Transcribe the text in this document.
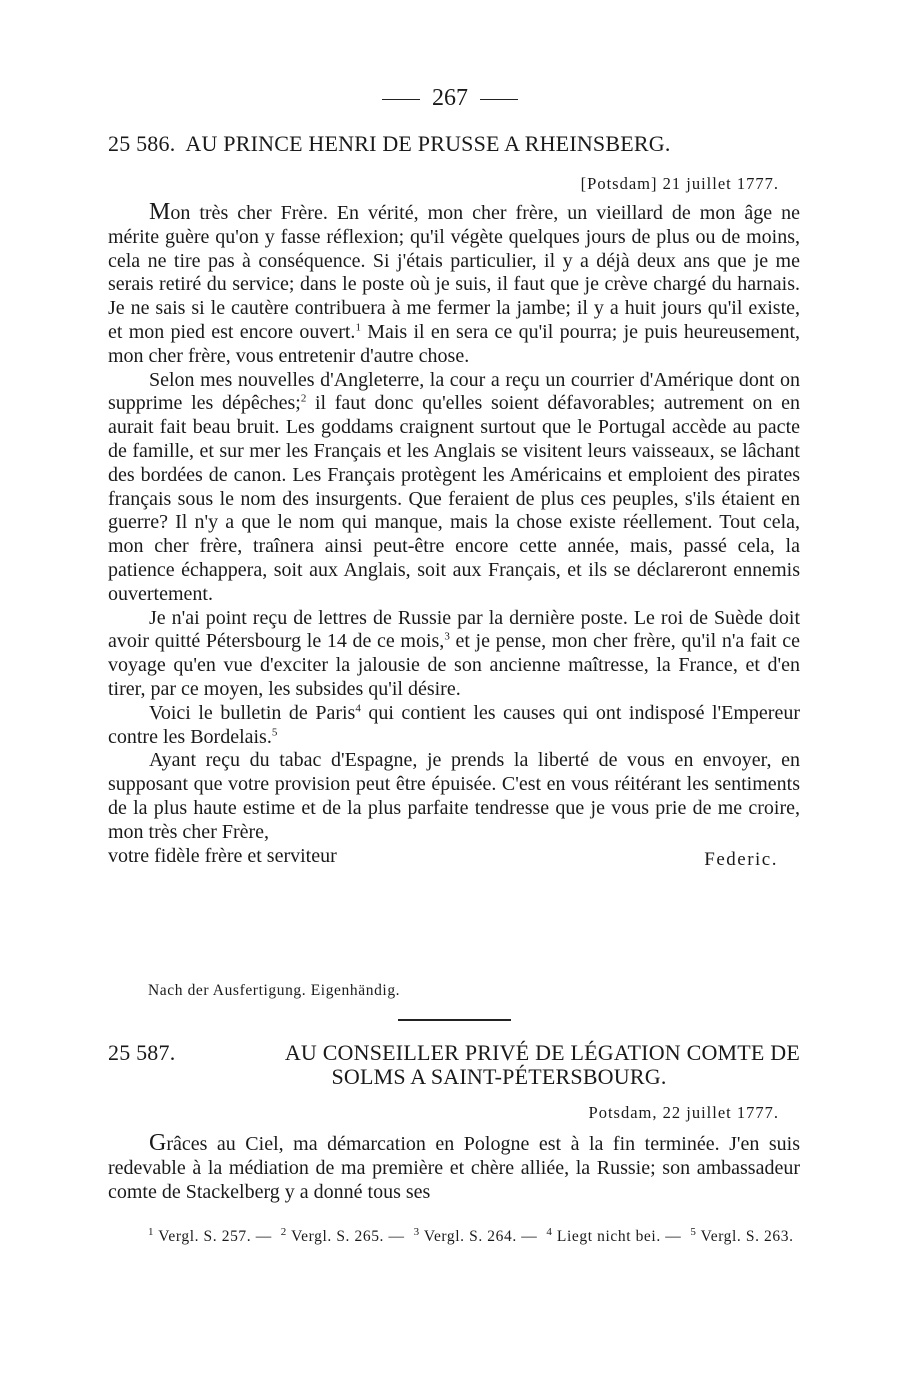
267
25 586. AU PRINCE HENRI DE PRUSSE A RHEINSBERG.
[Potsdam] 21 juillet 1777.

Mon très cher Frère. En vérité, mon cher frère, un vieillard de mon âge ne mérite guère qu'on y fasse réflexion; qu'il végète quelques jours de plus ou de moins, cela ne tire pas à conséquence. Si j'étais particulier, il y a déjà deux ans que je me serais retiré du service; dans le poste où je suis, il faut que je crève chargé du harnais. Je ne sais si le cautère contribuera à me fermer la jambe; il y a huit jours qu'il existe, et mon pied est encore ouvert.$^1$ Mais il en sera ce qu'il pourra; je puis heureusement, mon cher frère, vous entretenir d'autre chose.

Selon mes nouvelles d'Angleterre, la cour a reçu un courrier d'Amérique dont on supprime les dépêches;$^2$ il faut donc qu'elles soient défavorables; autrement on en aurait fait beau bruit. Les goddams craignent surtout que le Portugal accède au pacte de famille, et sur mer les Français et les Anglais se visitent leurs vaisseaux, se lâchant des bordées de canon. Les Français protègent les Américains et emploient des pirates français sous le nom des insurgents. Que feraient de plus ces peuples, s'ils étaient en guerre? Il n'y a que le nom qui manque, mais la chose existe réellement. Tout cela, mon cher frère, traînera ainsi peut-être encore cette année, mais, passé cela, la patience échappera, soit aux Anglais, soit aux Français, et ils se déclareront ennemis ouvertement.

Je n'ai point reçu de lettres de Russie par la dernière poste. Le roi de Suède doit avoir quitté Pétersbourg le 14 de ce mois,$^3$ et je pense, mon cher frère, qu'il n'a fait ce voyage qu'en vue d'exciter la jalousie de son ancienne maîtresse, la France, et d'en tirer, par ce moyen, les subsides qu'il désire.

Voici le bulletin de Paris$^4$ qui contient les causes qui ont indisposé l'Empereur contre les Bordelais.$^5$

Ayant reçu du tabac d'Espagne, je prends la liberté de vous en envoyer, en supposant que votre provision peut être épuisée. C'est en vous réitérant les sentiments de la plus haute estime et de la plus parfaite tendresse que je vous prie de me croire, mon très cher Frère,

votre fidèle frère et serviteur	Federic.
Nach der Ausfertigung. Eigenhändig.
25 587.	AU CONSEILLER PRIVÉ DE LÉGATION COMTE DE
SOLMS A SAINT-PÉTERSBOURG.
Potsdam, 22 juillet 1777.

Grâces au Ciel, ma démarcation en Pologne est à la fin terminée. J'en suis redevable à la médiation de ma première et chère alliée, la Russie; son ambassadeur comte de Stackelberg y a donné tous ses

$^1$ Vergl. S. 257. — $^2$ Vergl. S. 265. — $^3$ Vergl. S. 264. — $^4$ Liegt nicht bei. — $^5$ Vergl. S. 263.
